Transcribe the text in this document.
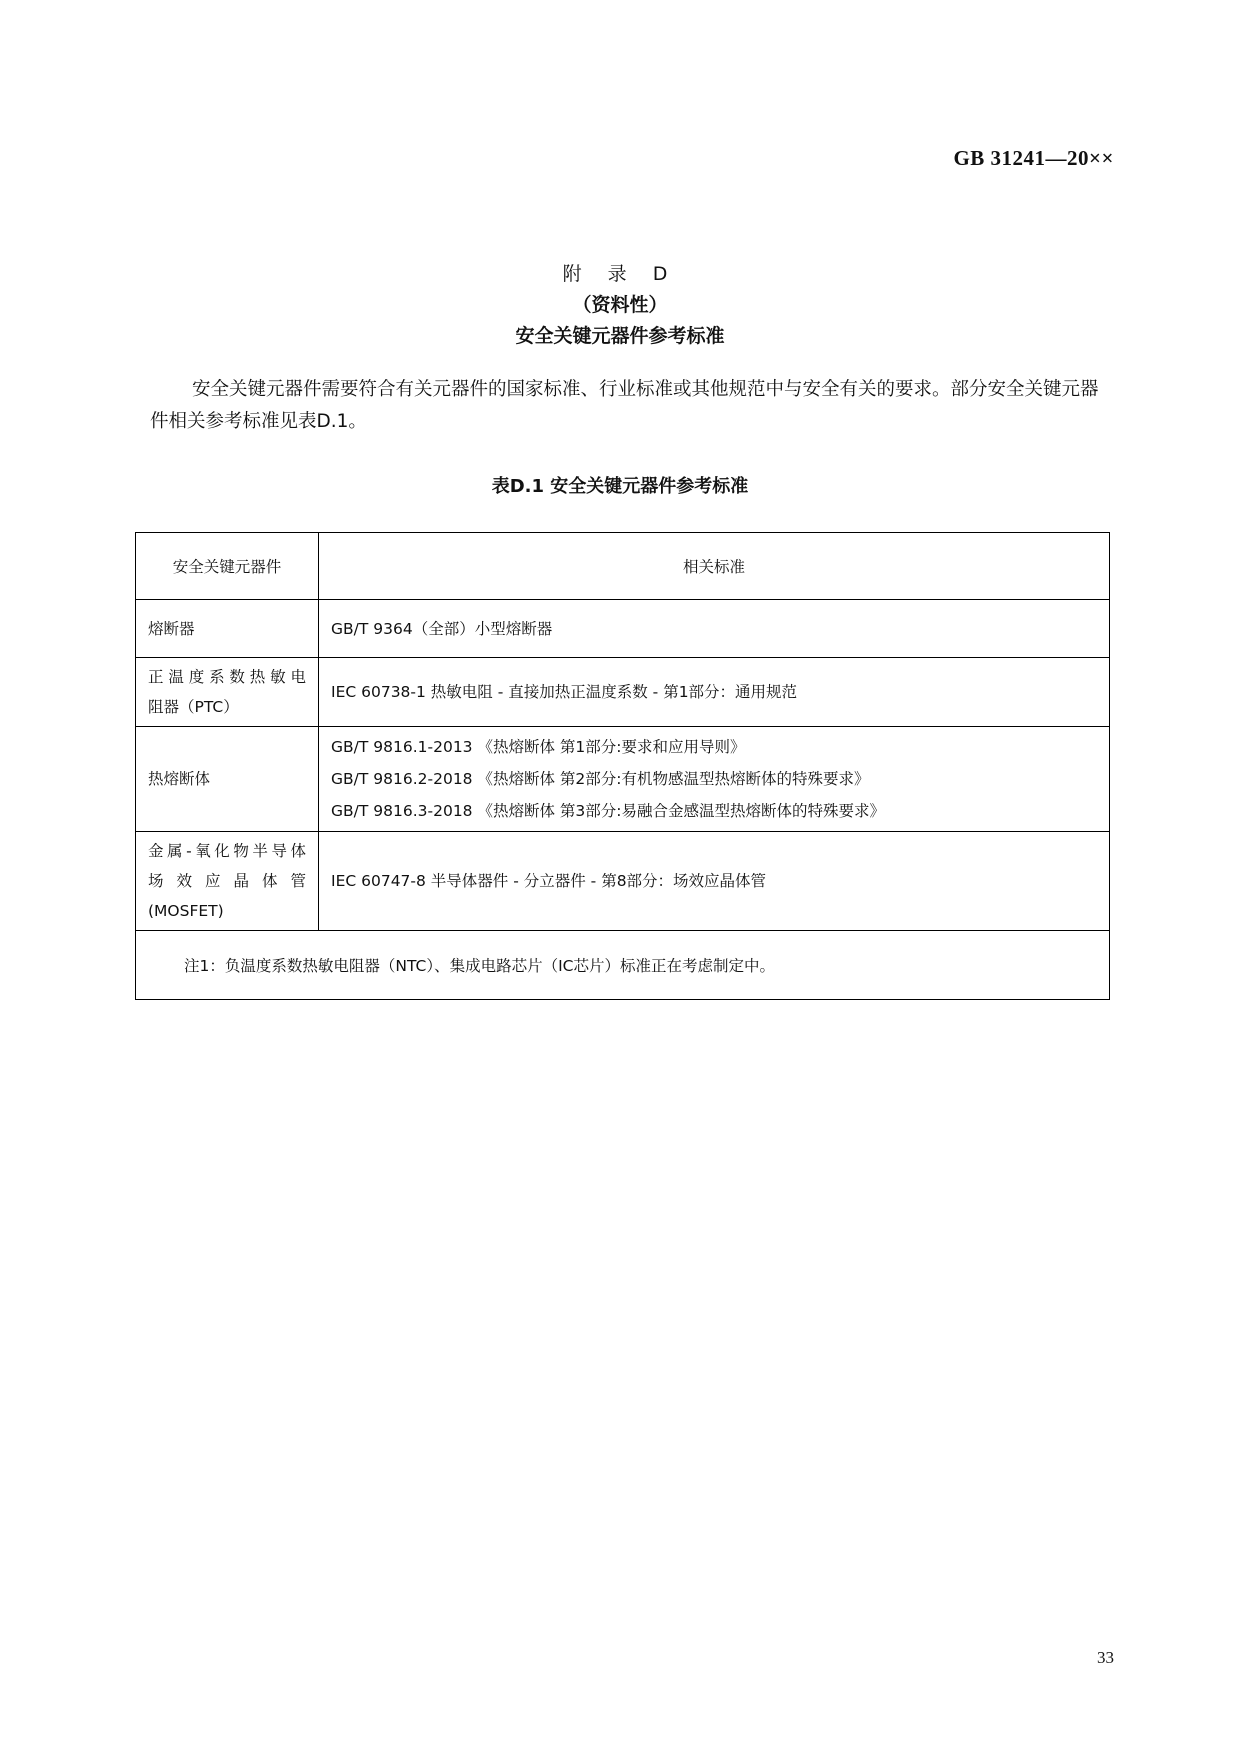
GB 31241—20××
附 录 D
（资料性）
安全关键元器件参考标准
安全关键元器件需要符合有关元器件的国家标准、行业标准或其他规范中与安全有关的要求。部分安全关键元器件相关参考标准见表D.1。
表D.1 安全关键元器件参考标准
安全关键元器件	相关标准

熔断器	GB/T 9364（全部）小型熔断器

正温度系数热敏电
阻器（PTC）	IEC 60738-1 热敏电阻 - 直接加热正温度系数 - 第1部分：通用规范

热熔断体	GB/T 9816.1-2013 《热熔断体 第1部分:要求和应用导则》
GB/T 9816.2-2018 《热熔断体 第2部分:有机物感温型热熔断体的特殊要求》
GB/T 9816.3-2018 《热熔断体 第3部分:易融合金感温型热熔断体的特殊要求》

金属-氧化物半导体
场效应晶体管
(MOSFET)	IEC 60747-8 半导体器件 - 分立器件 - 第8部分：场效应晶体管

注1：负温度系数热敏电阻器（NTC）、集成电路芯片（IC芯片）标准正在考虑制定中。	
33
